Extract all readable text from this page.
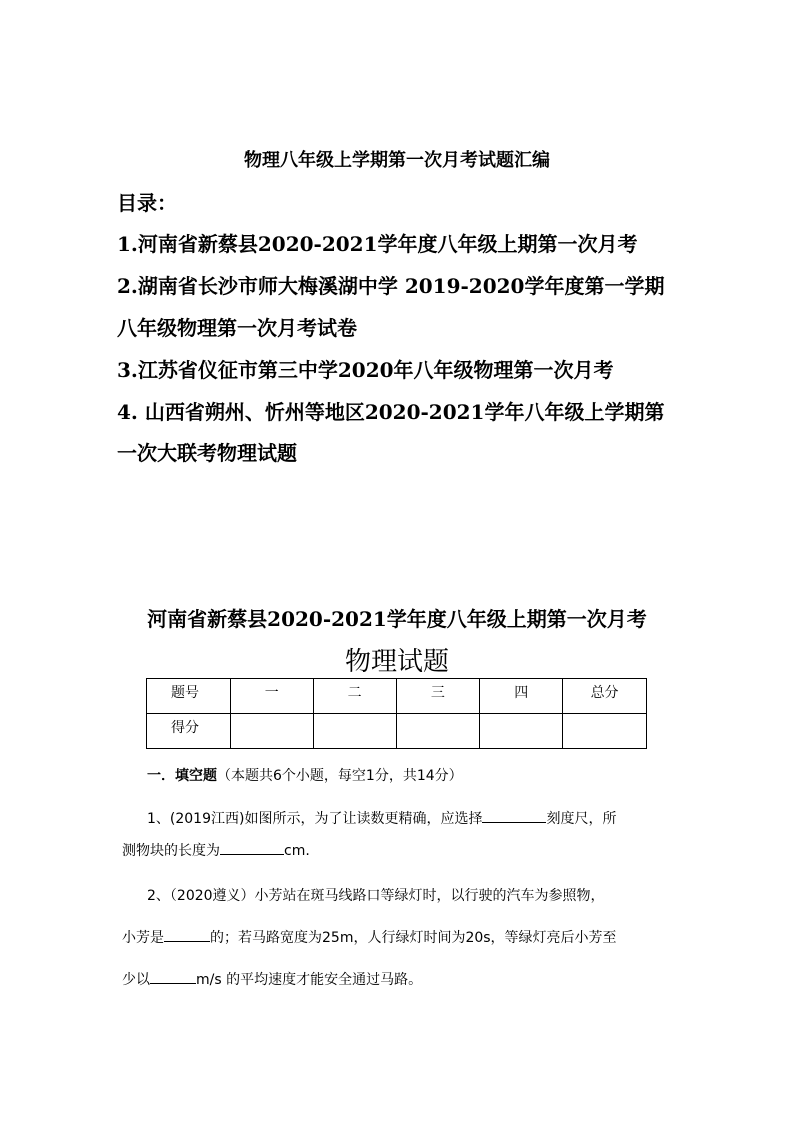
物理八年级上学期第一次月考试题汇编
目录：
1.河南省新蔡县2020-2021学年度八年级上期第一次月考
2.湖南省长沙市师大梅溪湖中学 2019-2020学年度第一学期
八年级物理第一次月考试卷
3.江苏省仪征市第三中学2020年八年级物理第一次月考
4. 山西省朔州、忻州等地区2020-2021学年八年级上学期第
一次大联考物理试题
河南省新蔡县2020-2021学年度八年级上期第一次月考
物理试题
题号	一	二	三	四	总分
得分					
一．填空题（本题共6个小题，每空1分，共14分）
1、(2019江西)如图所示，为了让读数更精确，应选择	刻度尺，所
测物块的长度为	cm.
2、（2020遵义）小芳站在斑马线路口等绿灯时，以行驶的汽车为参照物，
小芳是	的；若马路宽度为25m，人行绿灯时间为20s，等绿灯亮后小芳至
少以	m/s 的平均速度才能安全通过马路。
